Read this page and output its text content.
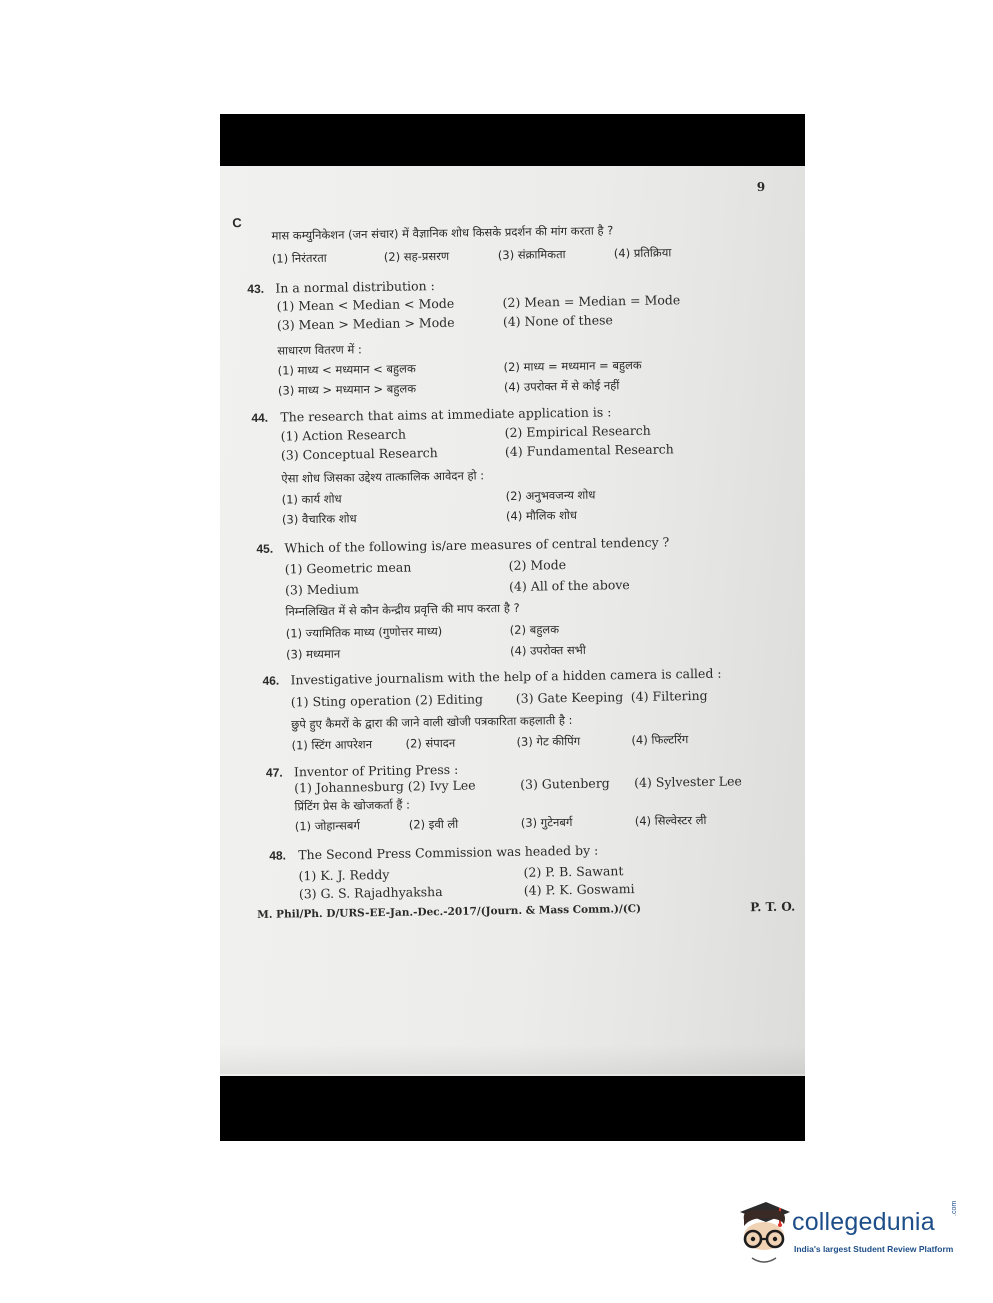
9
C
मास कम्युनिकेशन (जन संचार) में वैज्ञानिक शोध किसके प्रदर्शन की मांग करता है ?
(1) निरंतरता	(2) सह-प्रसरण	(3) संक्रामिकता	(4) प्रतिक्रिया
43. In a normal distribution :
(1) Mean < Median < Mode	(2) Mean = Median = Mode
(3) Mean > Median > Mode	(4) None of these
साधारण वितरण में :
(1) माध्य < मध्यमान < बहुलक	(2) माध्य = मध्यमान = बहुलक
(3) माध्य > मध्यमान > बहुलक	(4) उपरोक्त में से कोई नहीं
44. The research that aims at immediate application is :
(1) Action Research	(2) Empirical Research
(3) Conceptual Research	(4) Fundamental Research
ऐसा शोध जिसका उद्देश्य तात्कालिक आवेदन हो :
(1) कार्य शोध	(2) अनुभवजन्य शोध
(3) वैचारिक शोध	(4) मौलिक शोध
45. Which of the following is/are measures of central tendency ?
(1) Geometric mean	(2) Mode
(3) Medium	(4) All of the above
निम्नलिखित में से कौन केन्द्रीय प्रवृत्ति की माप करता है ?
(1) ज्यामितिक माध्य (गुणोत्तर माध्य)	(2) बहुलक
(3) मध्यमान	(4) उपरोक्त सभी
46. Investigative journalism with the help of a hidden camera is called :
(1) Sting operation (2) Editing	(3) Gate Keeping (4) Filtering
छुपे हुए कैमरों के द्वारा की जाने वाली खोजी पत्रकारिता कहलाती है :
(1) स्टिंग आपरेशन	(2) संपादन	(3) गेट कीपिंग	(4) फिल्टरिंग
47. Inventor of Priting Press :
(1) Johannesburg (2) Ivy Lee	(3) Gutenberg (4) Sylvester Lee
प्रिंटिंग प्रेस के खोजकर्ता हैं :
(1) जोहान्सबर्ग	(2) इवी ली	(3) गुटेनबर्ग	(4) सिल्वेस्टर ली
48. The Second Press Commission was headed by :
(1) K. J. Reddy	(2) P. B. Sawant
(3) G. S. Rajadhyaksha	(4) P. K. Goswami
M. Phil/Ph. D/URS-EE-Jan.-Dec.-2017/(Journ. & Mass Comm.)/(C)	P. T. O.
collegedunia .com
India's largest Student Review Platform
